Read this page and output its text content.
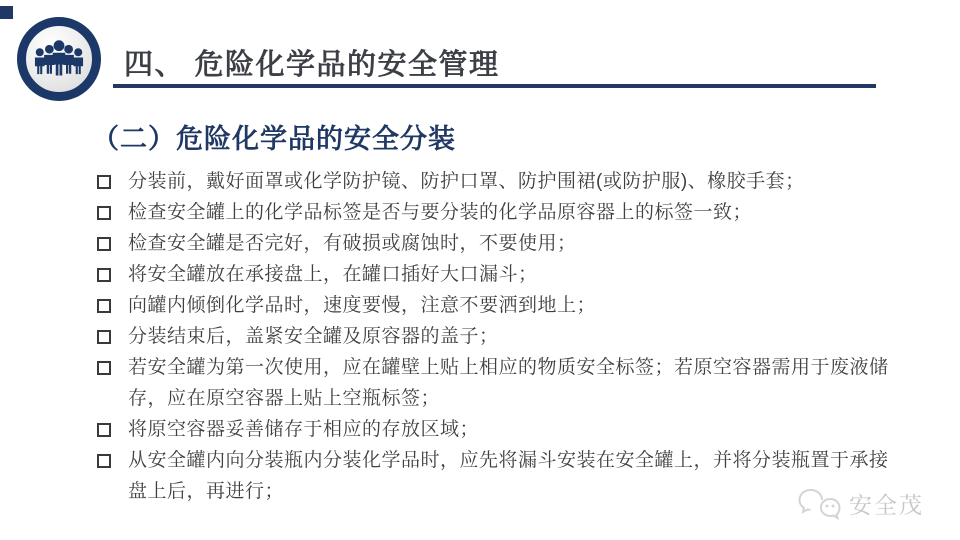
四、 危险化学品的安全管理
（二）危险化学品的安全分装
分装前，戴好面罩或化学防护镜、防护口罩、防护围裙(或防护服)、橡胶手套；
检查安全罐上的化学品标签是否与要分装的化学品原容器上的标签一致；
检查安全罐是否完好，有破损或腐蚀时，不要使用；
将安全罐放在承接盘上，在罐口插好大口漏斗；
向罐内倾倒化学品时，速度要慢，注意不要洒到地上；
分装结束后，盖紧安全罐及原容器的盖子；
若安全罐为第一次使用，应在罐壁上贴上相应的物质安全标签；若原空容器需用于废液储存，应在原空容器上贴上空瓶标签；
将原空容器妥善储存于相应的存放区域；
从安全罐内向分装瓶内分装化学品时，应先将漏斗安装在安全罐上，并将分装瓶置于承接盘上后，再进行；
安全茂
